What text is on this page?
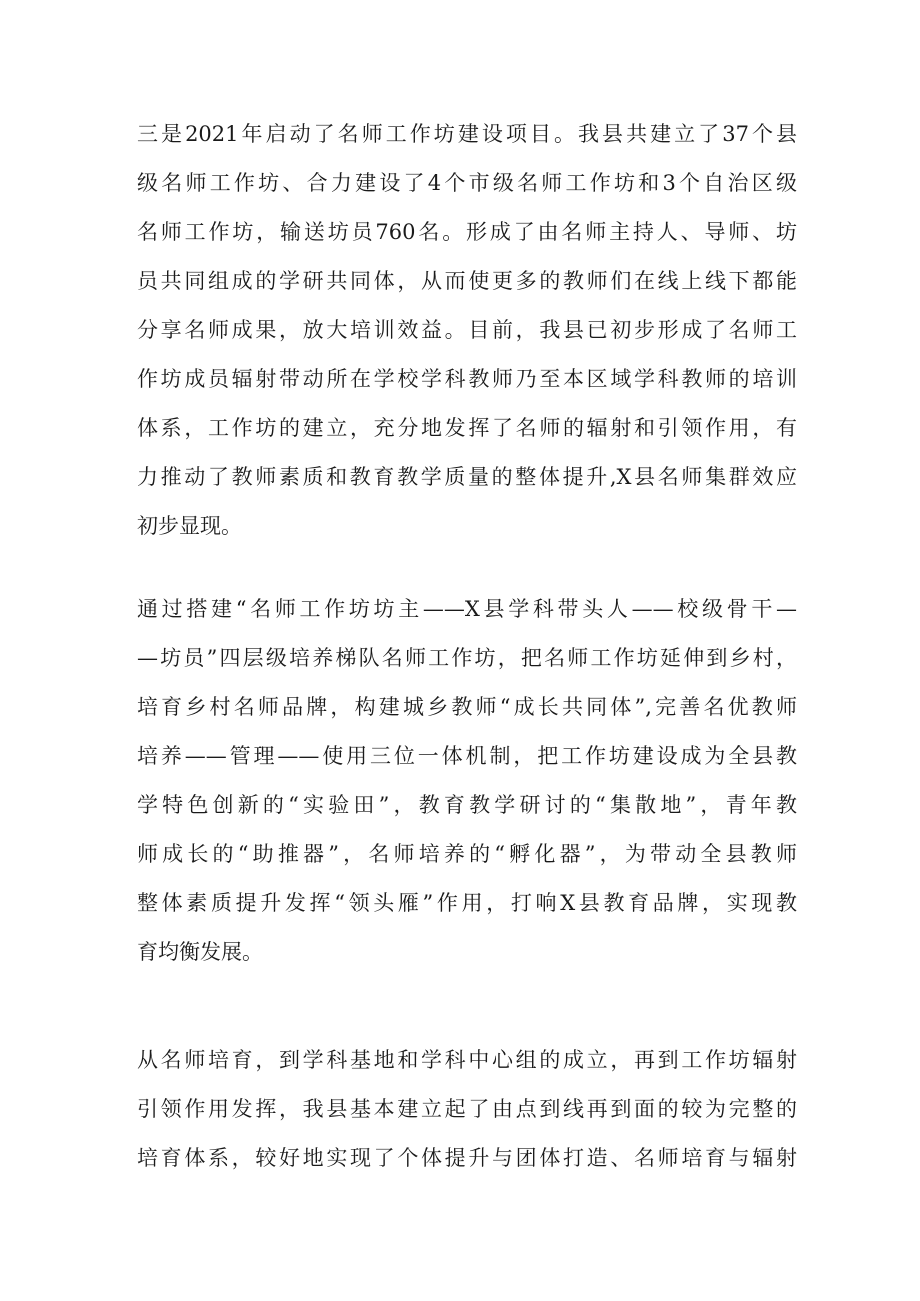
三是2021年启动了名师工作坊建设项目。我县共建立了37个县
级名师工作坊、合力建设了4个市级名师工作坊和3个自治区级
名师工作坊，输送坊员760名。形成了由名师主持人、导师、坊
员共同组成的学研共同体，从而使更多的教师们在线上线下都能
分享名师成果，放大培训效益。目前，我县已初步形成了名师工
作坊成员辐射带动所在学校学科教师乃至本区域学科教师的培训
体系，工作坊的建立，充分地发挥了名师的辐射和引领作用，有
力推动了教师素质和教育教学质量的整体提升,X县名师集群效应
初步显现。
通过搭建“名师工作坊坊主——X县学科带头人——校级骨干—
—坊员”四层级培养梯队名师工作坊，把名师工作坊延伸到乡村，
培育乡村名师品牌，构建城乡教师“成长共同体”,完善名优教师
培养——管理——使用三位一体机制，把工作坊建设成为全县教
学特色创新的“实验田”，教育教学研讨的“集散地”，青年教
师成长的“助推器”，名师培养的“孵化器”，为带动全县教师
整体素质提升发挥“领头雁”作用，打响X县教育品牌，实现教
育均衡发展。
从名师培育，到学科基地和学科中心组的成立，再到工作坊辐射
引领作用发挥，我县基本建立起了由点到线再到面的较为完整的
培育体系，较好地实现了个体提升与团体打造、名师培育与辐射
